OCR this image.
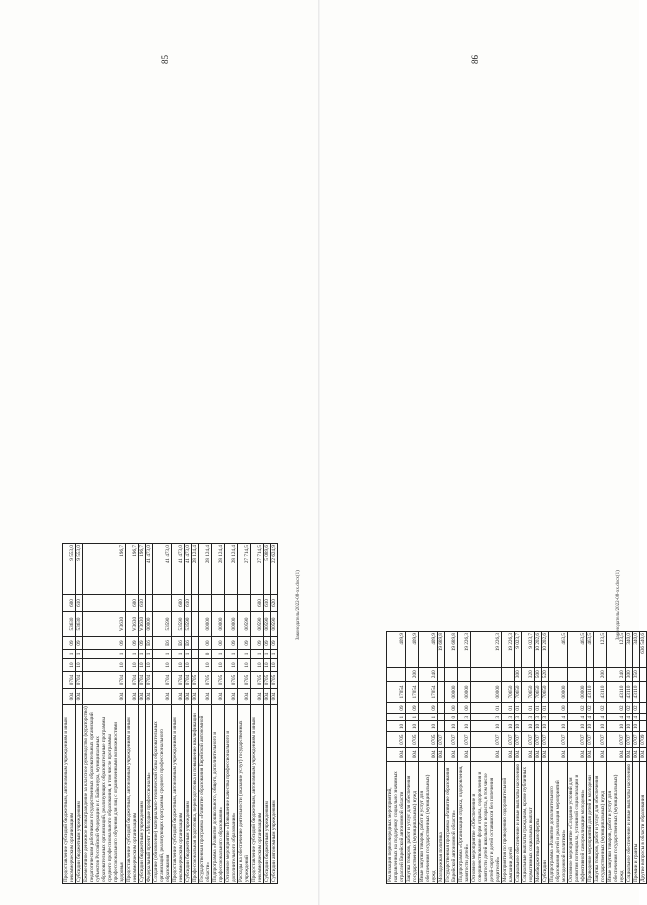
85
Предоставление субсидий бюджетным, автономным учреждениям и иным некоммерческим организациям	004	0704	10	1	09	53630	600	9 553,0
Субсидии бюджетным учреждениям	004	0704	10	1	09	53630	610	9 553,0
Ежемесячное денежное вознаграждение за классное руководство (кураторство) педагогическим работникам государственных образовательных организаций субъектов Российской Федерации и г. Байконура, муниципальных образовательных организаций, реализующих образовательные программы среднего профессионального образования, в том числе программы профессионального обучения для лиц с ограниченными возможностями здоровья	004	0704	10	1	09	V3630		196,7
Предоставление субсидий бюджетным, автономным учреждениям и иным некоммерческим организациям	004	0704	10	1	09	V3630	600	196,7
Субсидии бюджетным учреждениям	004	0704	10	1	09	V3630	610	196,7
Федеральный проект «Молодые профессионалы»	004	0704	10	1	E6	00000		41 473,0
Создание (обновление) материально-технической базы образовательных организаций, реализующих программы среднего профессионального образования	004	0704	10	1	E6	53590		41 473,0
Предоставление субсидий бюджетным, автономным учреждениям и иным некоммерческим организациям	004	0704	10	1	E6	53590	600	41 473,0
Субсидии бюджетным учреждениям	004	0704	10	1	E6	53590	610	41 473,0
Профессиональная подготовка, переподготовка и повышение квалификации	004	0705						28 124,4
Государственная программа «Развитие образования Еврейской автономной области»	004	0705	10	0	00	00000		28 124,4
Подпрограмма «Развитие дошкольного, общего, дополнительного и профессионального образования»	004	0705	10	1	00	00000		28 124,4
Основное мероприятие «Повышение качества профессионального и дополнительного образования»	004	0705	10	1	09	00000		28 124,4
Расходы на обеспечение деятельности (оказание услуг) государственных учреждений	004	0705	10	1	09	00590		27 714,5
Предоставление субсидий бюджетным, автономным учреждениям и иным некоммерческим организациям	004	0705	10	1	09	00590	600	27 714,5
Субсидии бюджетным учреждениям	004	0705	10	1	09	00590	610	5 089,6
Субсидии автономным учреждениям	004	0705	10	1	09	00590	620	22 624,9
Законодатель/2022-08-xx.docx(1)
86
Реализация первоочередных мероприятий, направленных на поддержку социально значимых отраслей Еврейской автономной области	004	0705	10	1	09	17054		409,9
Закупка товаров, работ и услуг для обеспечения государственных (муниципальных) нужд	004	0705	10	1	09	17054	200	409,9
Иные закупки товаров, работ и услуг для обеспечения государственных (муниципальных) нужд	004	0705	10	1	09	17054	240	409,9
Молодежная политика	004	0707						19 689,8
Государственная программа «Развитие образования Еврейской автономной области»	004	0707	10	0	00	00000		19 689,8
Подпрограмма «Организация отдыха, оздоровления, занятости детей»	004	0707	10	3	00	00000		19 226,3
Основное мероприятие «Обеспечение и совершенствование форм отдыха, оздоровления и занятости детей школьного возраста, в том числе детей-сирот и детей оставшихся без попечения родителей»	004	0707	10	3	01	00000		19 226,3
Мероприятия по проведению оздоровительной кампании детей	004	0707	10	3	01	70650		19 226,3
Социальное обеспечение и иные выплаты населению	004	0707	10	3	01	70650	300	9 023,7
Социальные выплаты гражданам, кроме публичных нормативных социальных выплат	004	0707	10	3	01	70650	320	9 023,7
Межбюджетные трансферты	004	0707	10	3	01	70650	500	10 202,6
Субсидии	004	0707	10	3	01	70650	520	10 202,6
Подпрограмма «Развитие дополнительного образования детей и реализация мероприятий молодежной политики»	004	0707	10	4	00	00000		463,5
Основное мероприятие «Создание условий для развития потенциала, успешной социализации и эффективной самореализации молодежи»	004	0707	10	4	02	00000		463,5
Проведение мероприятий для детей и молодежи	004	0707	10	4	02	43110		463,5
Закупка товаров, работ и услуг для обеспечения государственных (муниципальных) нужд	004	0707	10	4	02	43110	200	123,5
Иные закупки товаров, работ и услуг для обеспечения государственных (муниципальных) нужд	004	0707	10	4	02	43110	240	123,5
Социальное обеспечение и иные выплаты населению	004	0707	10	4	02	43110	300	340,0
Премии и гранты	004	0707	10	4	02	43110	350	340,0
Другие вопросы в области образования	004	0709						636 540,6
Законодатель/2022-08-xx.docx(1)
